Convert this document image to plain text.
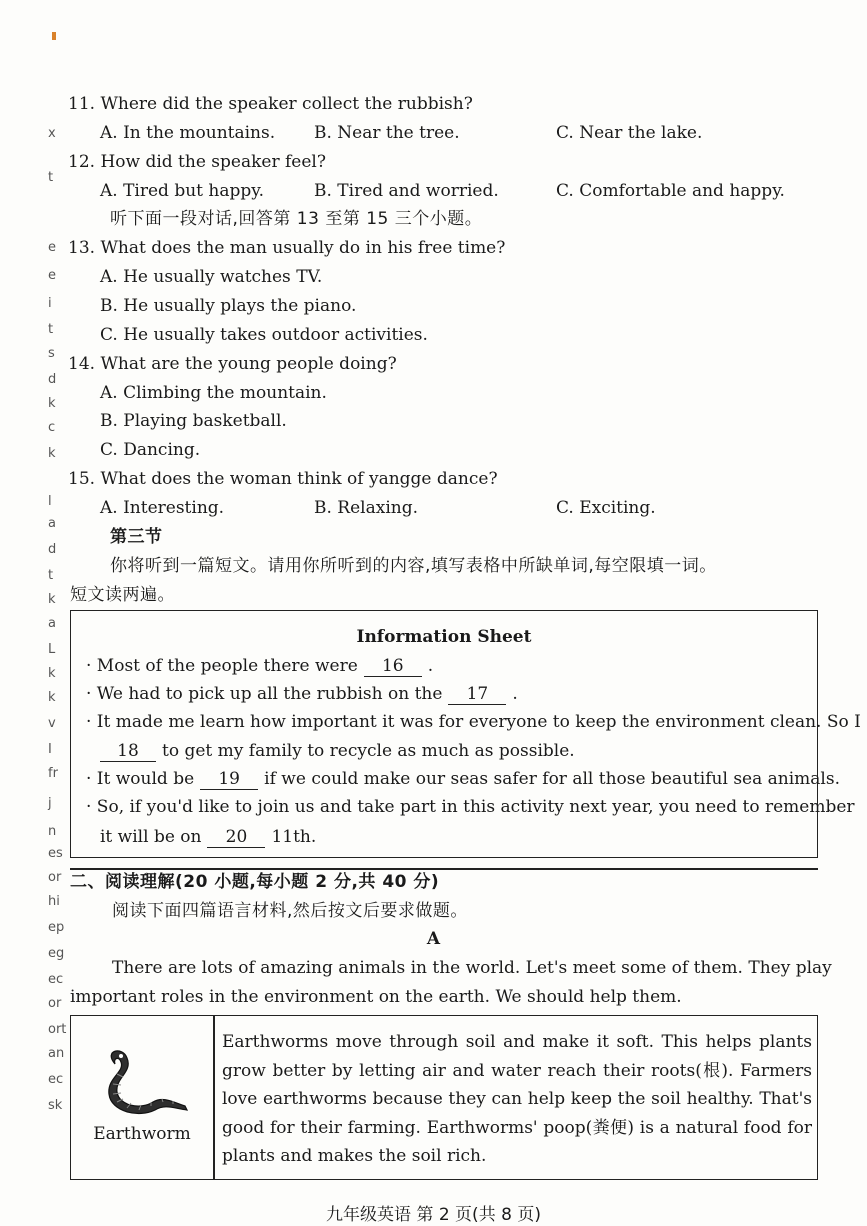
x
t
e
e
i
t
s
d
k
c
k
l
a
d
t
k
a
L
k
k
v
I
fr
j
n
es
or
hi
ep
eg
ec
or
ort
an
ec
sk
11. Where did the speaker collect the rubbish?
A. In the mountains. B. Near the tree.	C. Near the lake.
12. How did the speaker feel?
A. Tired but happy.	B. Tired and worried.	C. Comfortable and happy.
听下面一段对话,回答第 13 至第 15 三个小题。
13. What does the man usually do in his free time?
A. He usually watches TV.
B. He usually plays the piano.
C. He usually takes outdoor activities.
14. What are the young people doing?
A. Climbing the mountain.
B. Playing basketball.
C. Dancing.
15. What does the woman think of yangge dance?
A. Interesting.	B. Relaxing.	C. Exciting.
第三节
你将听到一篇短文。请用你所听到的内容,填写表格中所缺单词,每空限填一词。
短文读两遍。
Information Sheet
· Most of the people there were 16 .
· We had to pick up all the rubbish on the 17 .
· It made me learn how important it was for everyone to keep the environment clean. So I
18 to get my family to recycle as much as possible.
· It would be 19 if we could make our seas safer for all those beautiful sea animals.
· So, if you'd like to join us and take part in this activity next year, you need to remember
it will be on 20 11th.
二、阅读理解(20 小题,每小题 2 分,共 40 分)
阅读下面四篇语言材料,然后按文后要求做题。
A
There are lots of amazing animals in the world. Let's meet some of them. They play
important roles in the environment on the earth. We should help them.
Earthworm
Earthworms move through soil and make it soft. This helps plants grow better by letting air and water reach their roots(根). Farmers love earthworms because they can help keep the soil healthy. That's good for their farming. Earthworms' poop(粪便) is a natural food for plants and makes the soil rich.
九年级英语 第 2 页(共 8 页)
